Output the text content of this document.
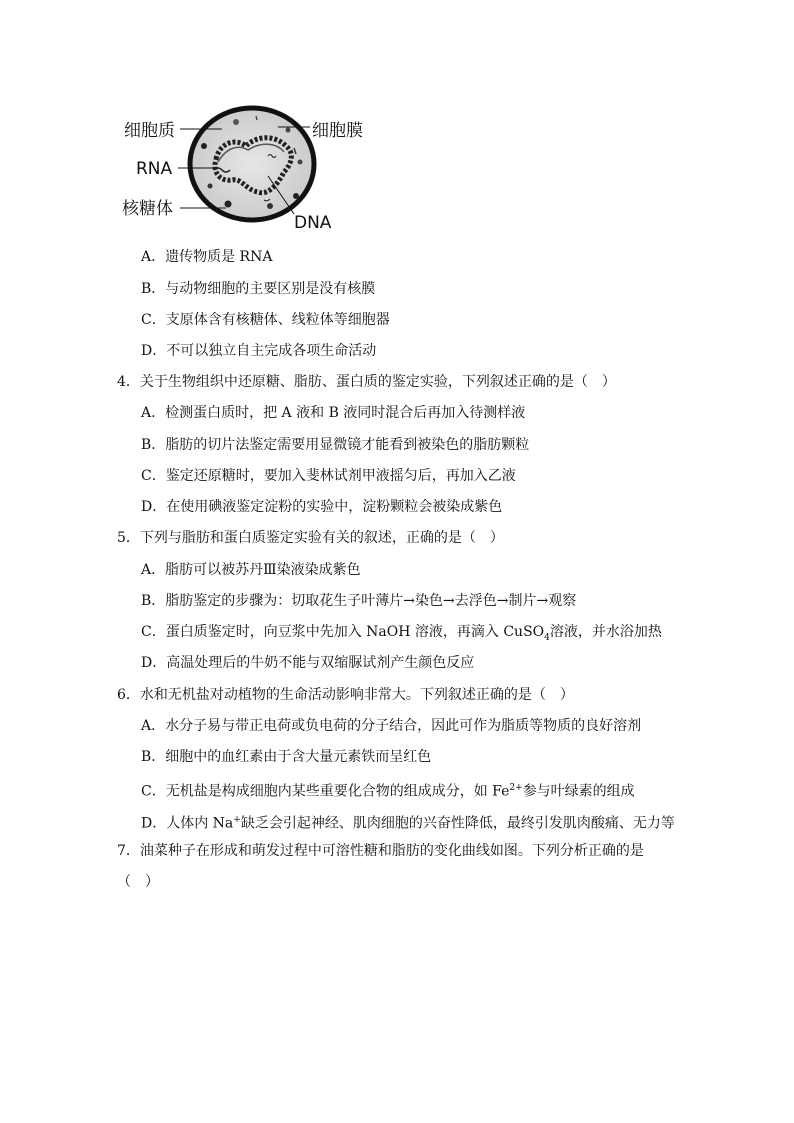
细胞质	细胞膜
RNA
核糖体
DNA
A．遗传物质是 RNA
B．与动物细胞的主要区别是没有核膜
C．支原体含有核糖体、线粒体等细胞器
D．不可以独立自主完成各项生命活动
4．关于生物组织中还原糖、脂肪、蛋白质的鉴定实验，下列叙述正确的是（　）
A．检测蛋白质时，把 A 液和 B 液同时混合后再加入待测样液
B．脂肪的切片法鉴定需要用显微镜才能看到被染色的脂肪颗粒
C．鉴定还原糖时，要加入斐林试剂甲液摇匀后，再加入乙液
D．在使用碘液鉴定淀粉的实验中，淀粉颗粒会被染成紫色
5．下列与脂肪和蛋白质鉴定实验有关的叙述，正确的是（　）
A．脂肪可以被苏丹Ⅲ染液染成紫色
B．脂肪鉴定的步骤为：切取花生子叶薄片→染色→去浮色→制片→观察
C．蛋白质鉴定时，向豆浆中先加入 NaOH 溶液，再滴入 CuSO$_4$溶液，并水浴加热
D．高温处理后的牛奶不能与双缩脲试剂产生颜色反应
6．水和无机盐对动植物的生命活动影响非常大。下列叙述正确的是（　）
A．水分子易与带正电荷或负电荷的分子结合，因此可作为脂质等物质的良好溶剂
B．细胞中的血红素由于含大量元素铁而呈红色
C．无机盐是构成细胞内某些重要化合物的组成成分，如 $Fe^{2+}$参与叶绿素的组成
D．人体内 Na+缺乏会引起神经、肌肉细胞的兴奋性降低，最终引发肌肉酸痛、无力等
7．油菜种子在形成和萌发过程中可溶性糖和脂肪的变化曲线如图。下列分析正确的是
（　）
